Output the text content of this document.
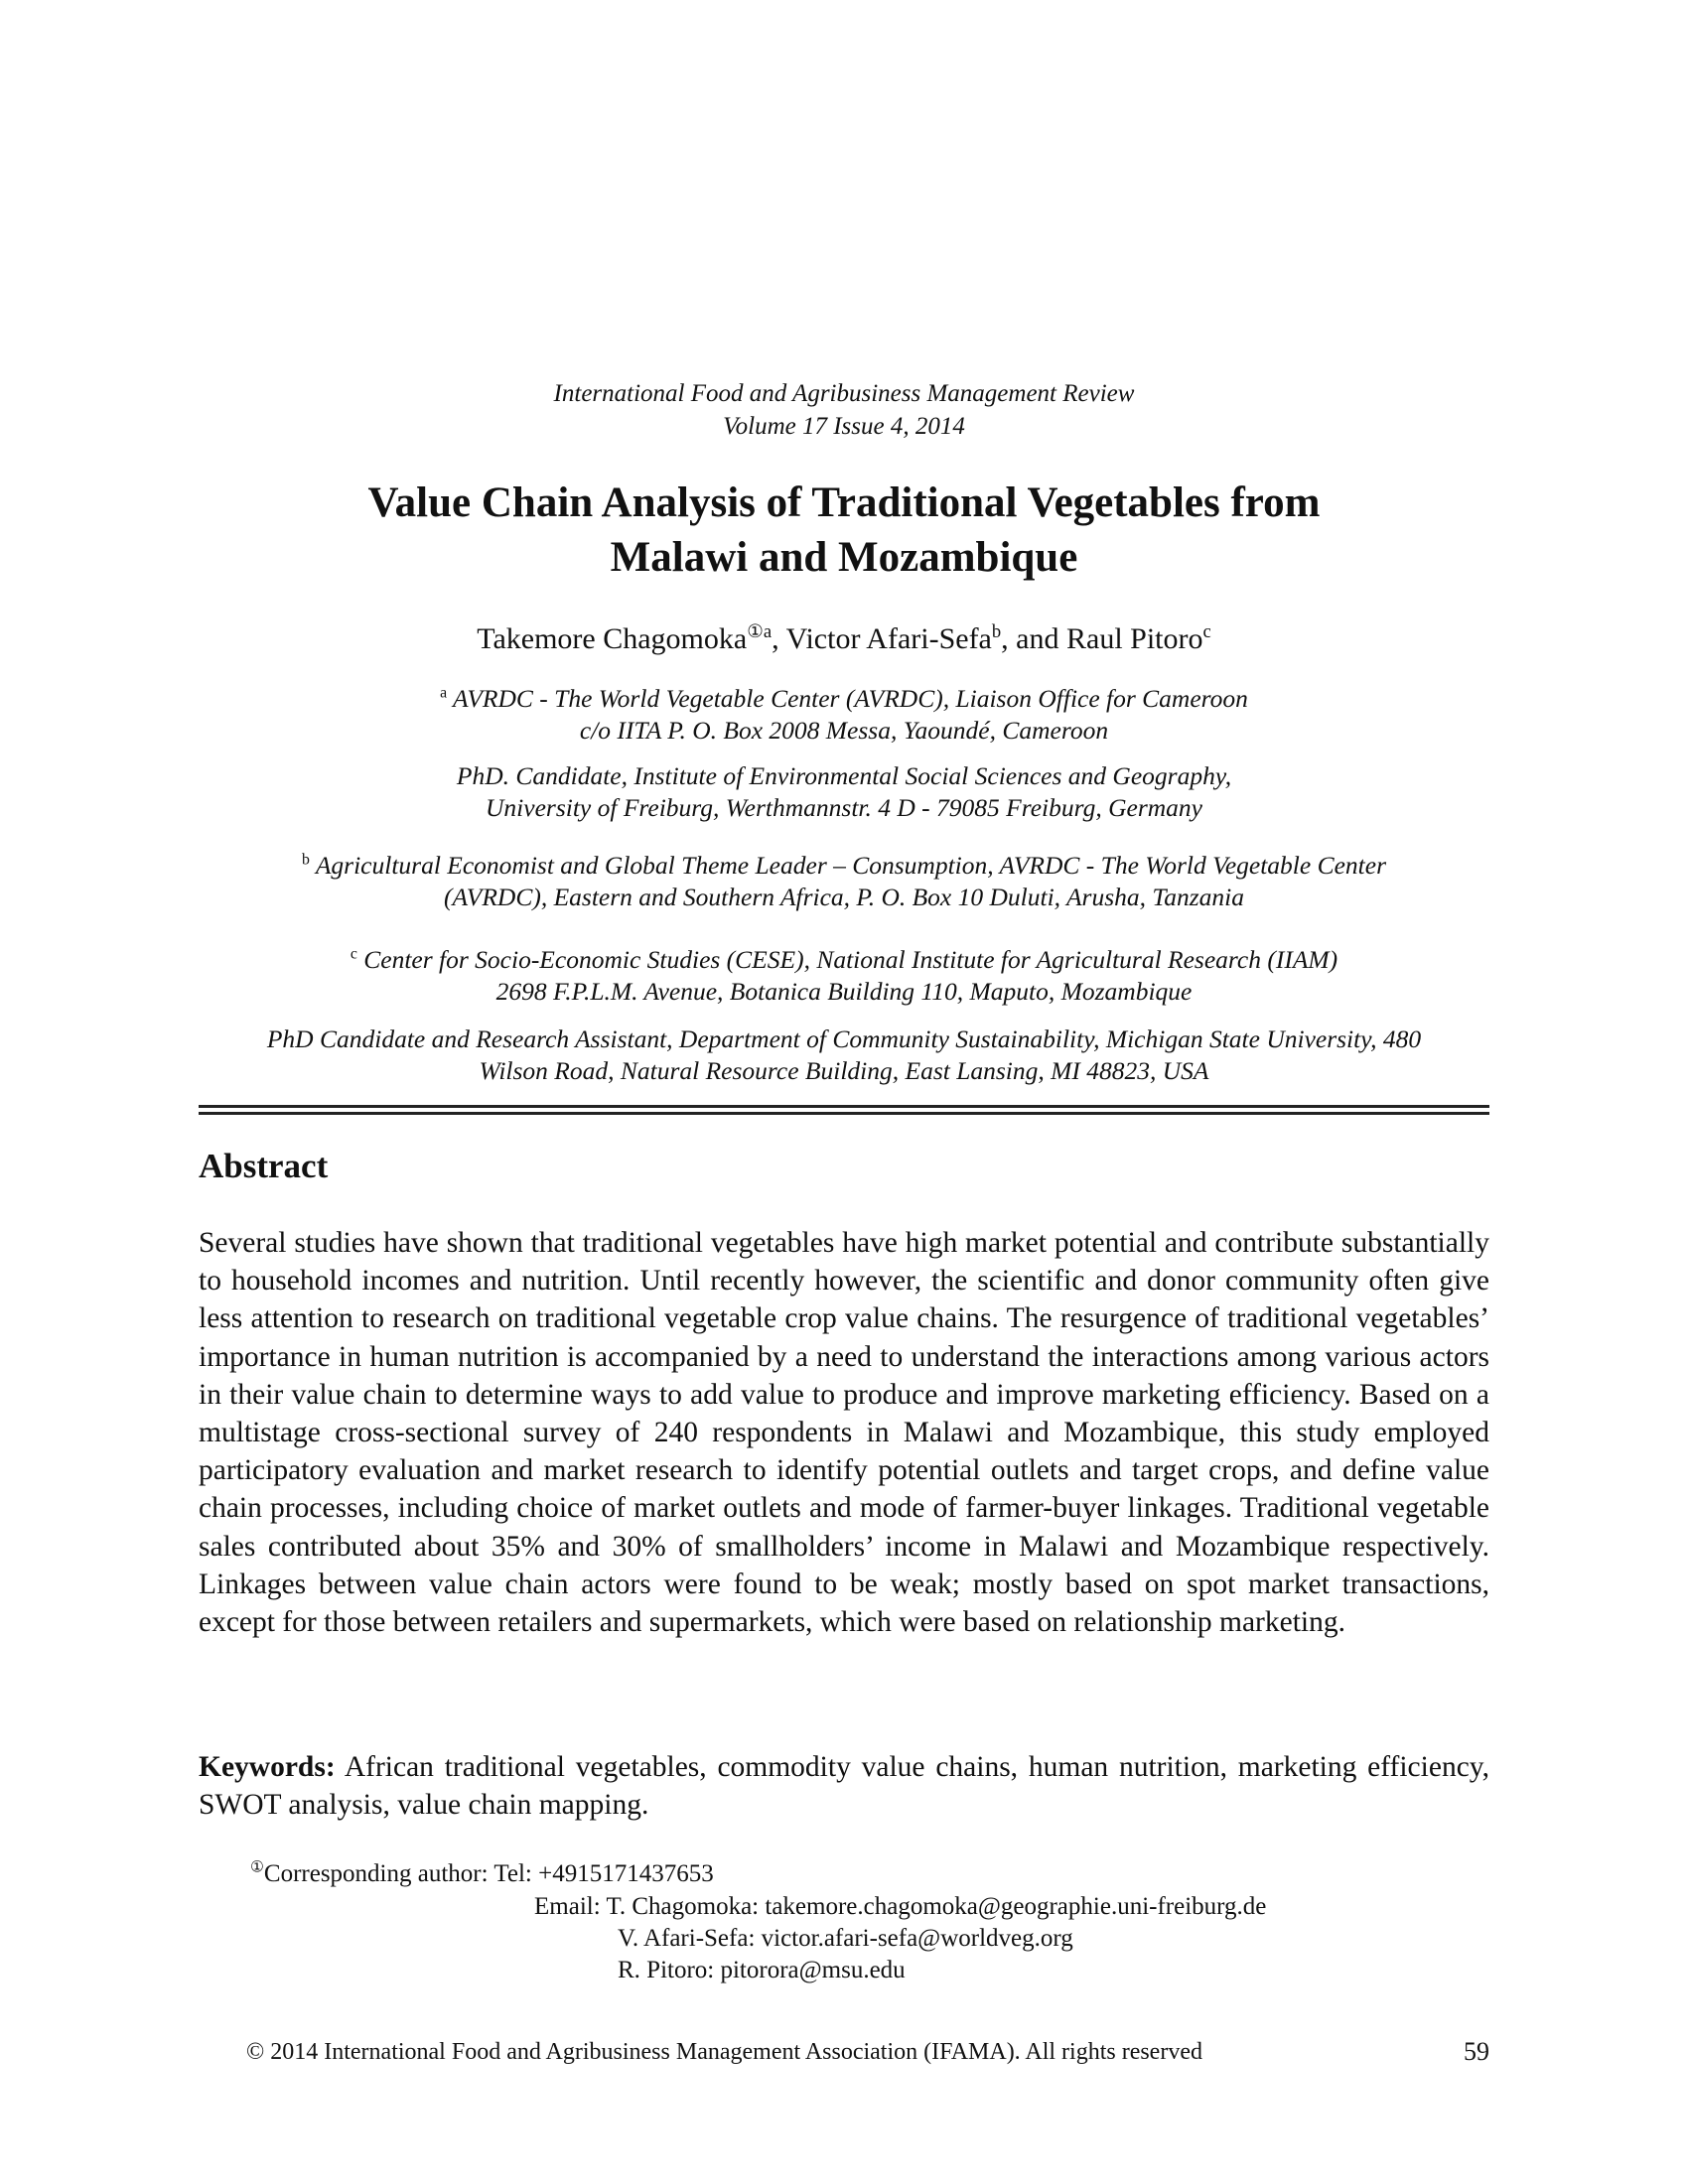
International Food and Agribusiness Management Review
Volume 17 Issue 4, 2014
Value Chain Analysis of Traditional Vegetables from
Malawi and Mozambique
Takemore Chagomoka$^{①a}$, Victor Afari-Sefa$^b$, and Raul Pitoro$^c$
$^a$ AVRDC - The World Vegetable Center (AVRDC), Liaison Office for Cameroon
c/o IITA P. O. Box 2008 Messa, Yaoundé, Cameroon
PhD. Candidate, Institute of Environmental Social Sciences and Geography,
University of Freiburg, Werthmannstr. 4 D - 79085 Freiburg, Germany
$^b$ Agricultural Economist and Global Theme Leader – Consumption, AVRDC - The World Vegetable Center
(AVRDC), Eastern and Southern Africa, P. O. Box 10 Duluti, Arusha, Tanzania
$^c$ Center for Socio-Economic Studies (CESE), National Institute for Agricultural Research (IIAM)
2698 F.P.L.M. Avenue, Botanica Building 110, Maputo, Mozambique
PhD Candidate and Research Assistant, Department of Community Sustainability, Michigan State University, 480
Wilson Road, Natural Resource Building, East Lansing, MI 48823, USA
Abstract

Several studies have shown that traditional vegetables have high market potential and contribute substantially to household incomes and nutrition. Until recently however, the scientific and donor community often give less attention to research on traditional vegetable crop value chains. The resurgence of traditional vegetables’ importance in human nutrition is accompanied by a need to understand the interactions among various actors in their value chain to determine ways to add value to produce and improve marketing efficiency. Based on a multistage cross-sectional survey of 240 respondents in Malawi and Mozambique, this study employed participatory evaluation and market research to identify potential outlets and target crops, and define value chain processes, including choice of market outlets and mode of farmer-buyer linkages. Traditional vegetable sales contributed about 35% and 30% of smallholders’ income in Malawi and Mozambique respectively. Linkages between value chain actors were found to be weak; mostly based on spot market transactions, except for those between retailers and supermarkets, which were based on relationship marketing.

Keywords: African traditional vegetables, commodity value chains, human nutrition, marketing efficiency, SWOT analysis, value chain mapping.

①Corresponding author: Tel: +4915171437653
Email: T. Chagomoka: takemore.chagomoka@geographie.uni-freiburg.de
V. Afari-Sefa: victor.afari-sefa@worldveg.org
R. Pitoro: pitorora@msu.edu
© 2014 International Food and Agribusiness Management Association (IFAMA). All rights reserved	59
